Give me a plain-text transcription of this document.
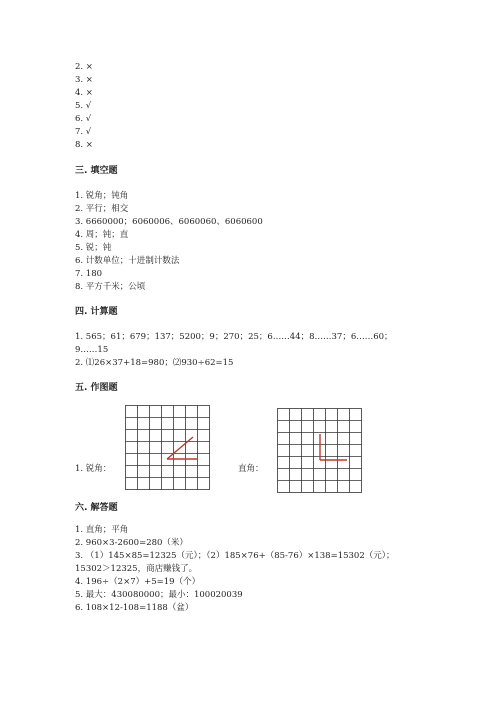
2. ×
3. ×
4. ×
5. √
6. √
7. √
8. ×
三. 填空题
1. 锐角；钝角
2. 平行；相交
3. 6660000；6060006、6060060、6060600
4. 周；钝；直
5. 锐；钝
6. 计数单位；十进制计数法
7. 180
8. 平方千米；公顷
四. 计算题
1. 565；61；679；137；5200；9；270；25；6……44；8……37；6……60；
9……15
2. ⑴26×37+18=980；⑵930÷62=15
五. 作图题
1. 锐角：	直角：
六. 解答题
1. 直角；平角
2. 960×3-2600=280（米）
3. （1）145×85=12325（元）；（2）185×76+（85-76）×138=15302（元）；
15302＞12325，商店赚钱了。
4. 196÷（2×7）+5=19（个）
5. 最大：430080000；最小：100020039
6. 108×12-108=1188（盆）
